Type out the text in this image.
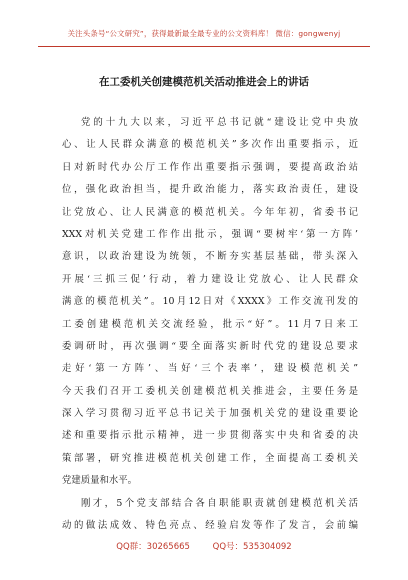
关注头条号“公文研究”，获得最新最全最专业的公文资料库！ 微信：gongwenyj
在工委机关创建模范机关活动推进会上的讲话
党的十九大以来，习近平总书记就“建设让党中央放
心、让人民群众满意的模范机关”多次作出重要指示，近
日对新时代办公厅工作作出重要指示强调，要提高政治站
位，强化政治担当，提升政治能力，落实政治责任，建设
让党放心、让人民满意的模范机关。今年年初，省委书记
XXX对机关党建工作作出批示，强调“要树牢‘第一方阵’
意识，以政治建设为统领，不断夯实基层基础，带头深入
开展‘三抓三促’行动，着力建设让党放心、让人民群众
满意的模范机关”。10月12日对《XXXX》工作交流刊发的
工委创建模范机关交流经验，批示“好”。11月7日来工
委调研时，再次强调“要全面落实新时代党的建设总要求
走好‘第一方阵’、当好‘三个表率’，建设模范机关”
今天我们召开工委机关创建模范机关推进会，主要任务是
深入学习贯彻习近平总书记关于加强机关党的建设重要论
述和重要指示批示精神，进一步贯彻落实中央和省委的决
策部署，研究推进模范机关创建工作，全面提高工委机关
党建质量和水平。
刚才，5个党支部结合各自职能职责就创建模范机关活
动的做法成效、特色亮点、经验启发等作了发言，会前编
QQ群：30265665	QQ号：535304092
